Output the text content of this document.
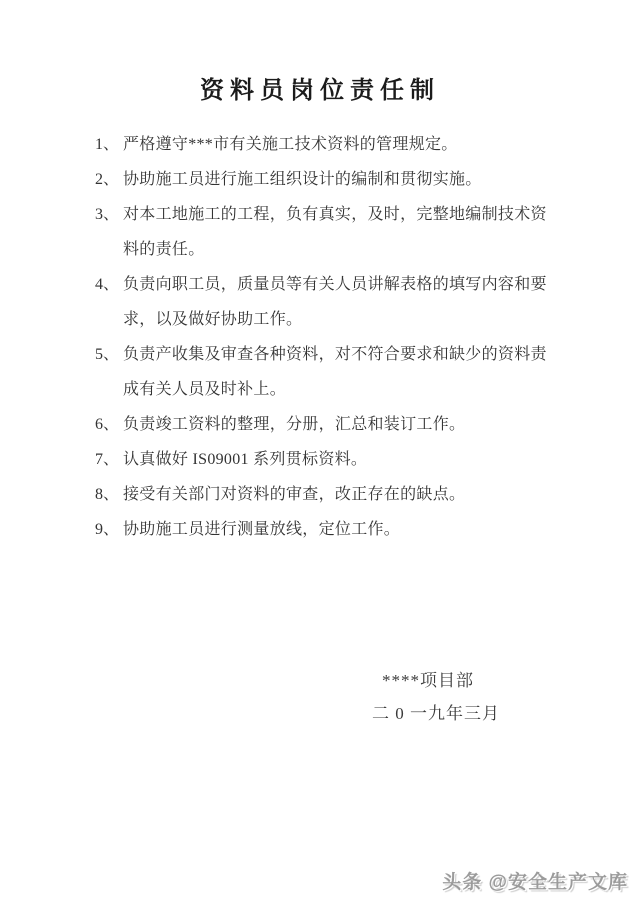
资料员岗位责任制
1、 严格遵守***市有关施工技术资料的管理规定。
2、 协助施工员进行施工组织设计的编制和贯彻实施。
3、 对本工地施工的工程，负有真实，及时，完整地编制技术资
料的责任。
4、 负责向职工员，质量员等有关人员讲解表格的填写内容和要
求，以及做好协助工作。
5、 负责产收集及审查各种资料，对不符合要求和缺少的资料责
成有关人员及时补上。
6、 负责竣工资料的整理，分册，汇总和装订工作。
7、 认真做好 IS09001 系列贯标资料。
8、 接受有关部门对资料的审查，改正存在的缺点。
9、 协助施工员进行测量放线，定位工作。
****项目部
二 0 一九年三月
头条 @安全生产文库
